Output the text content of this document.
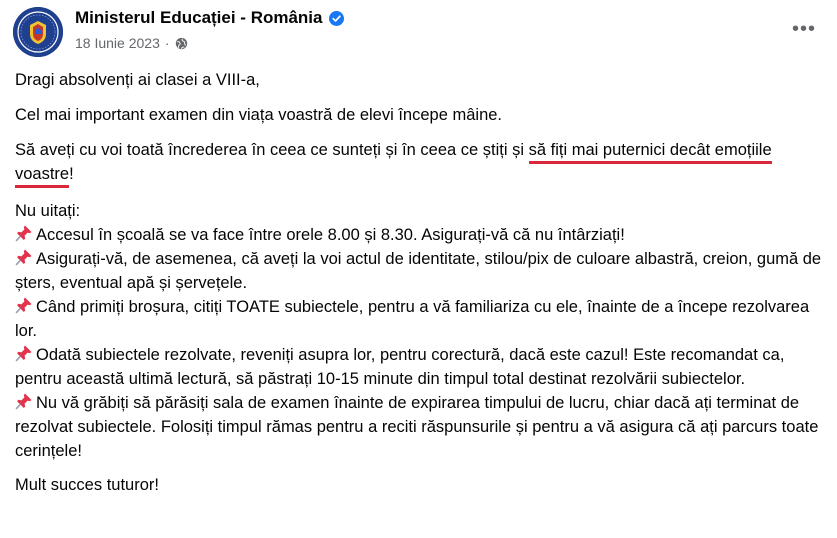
Ministerul Educației - România
18 Iunie 2023 ·
•••

Dragi absolvenți ai clasei a VIII-a,

Cel mai important examen din viața voastră de elevi începe mâine.

Să aveți cu voi toată încrederea în ceea ce sunteți și în ceea ce știți și să fiți mai puternici decât emoțiile voastre!

Nu uitați:
Accesul în școală se va face între orele 8.00 și 8.30. Asigurați-vă că nu întârziați!
Asigurați-vă, de asemenea, că aveți la voi actul de identitate, stilou/pix de culoare albastră, creion, gumă de șters, eventual apă și șervețele.
Când primiți broșura, citiți TOATE subiectele, pentru a vă familiariza cu ele, înainte de a începe rezolvarea lor.
Odată subiectele rezolvate, reveniți asupra lor, pentru corectură, dacă este cazul! Este recomandat ca, pentru această ultimă lectură, să păstrați 10-15 minute din timpul total destinat rezolvării subiectelor.
Nu vă grăbiți să părăsiți sala de examen înainte de expirarea timpului de lucru, chiar dacă ați terminat de rezolvat subiectele. Folosiți timpul rămas pentru a reciti răspunsurile și pentru a vă asigura că ați parcurs toate cerințele!

Mult succes tuturor!
